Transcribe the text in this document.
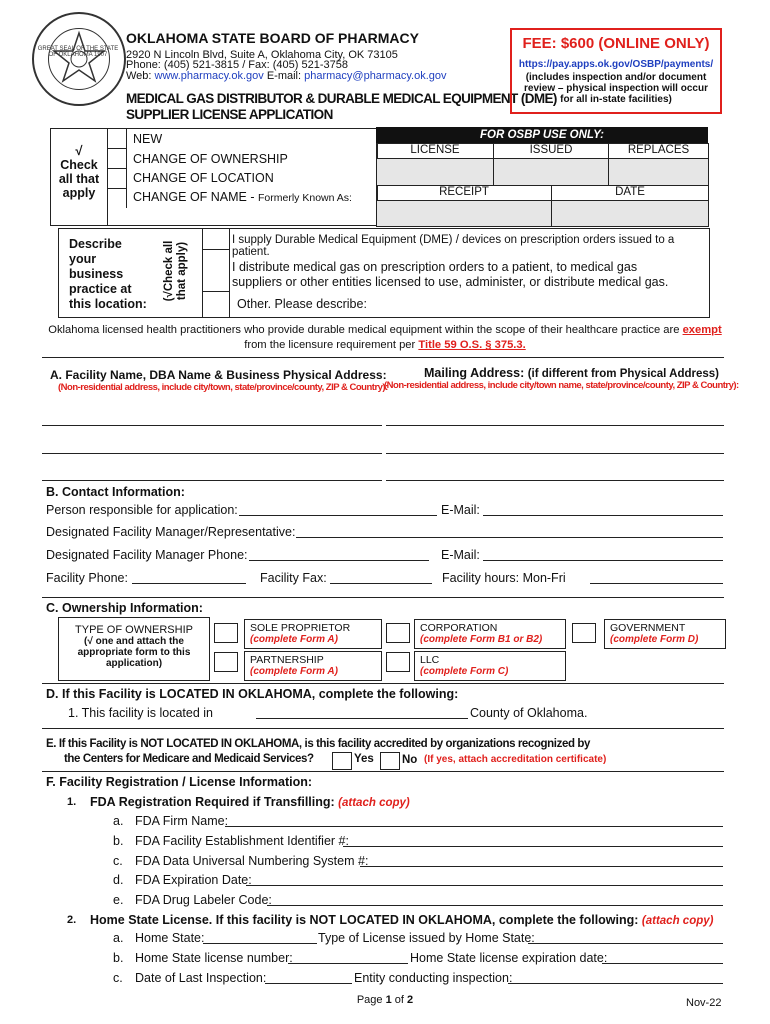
GREAT SEAL OF THE STATE OF OKLAHOMA 1907
OKLAHOMA STATE BOARD OF PHARMACY
2920 N Lincoln Blvd, Suite A, Oklahoma City, OK 73105
Phone: (405) 521-3815 / Fax: (405) 521-3758
Web: www.pharmacy.ok.gov E-mail: pharmacy@pharmacy.ok.gov
MEDICAL GAS DISTRIBUTOR & DURABLE MEDICAL EQUIPMENT (DME)
SUPPLIER LICENSE APPLICATION
FEE: $600 (ONLINE ONLY)
https://pay.apps.ok.gov/OSBP/payments/
(includes inspection and/or document
review – physical inspection will occur
for all in-state facilities)
√
Check
all that
apply
NEW
CHANGE OF OWNERSHIP
CHANGE OF LOCATION
CHANGE OF NAME - Formerly Known As:
FOR OSBP USE ONLY:
LICENSE	ISSUED	REPLACES
RECEIPT	DATE
Describe
your
business
practice at
this location:
(√Check all that apply)
I supply Durable Medical Equipment (DME) / devices on prescription orders issued to a patient.
I distribute medical gas on prescription orders to a patient, to medical gas
suppliers or other entities licensed to use, administer, or distribute medical gas.
Other. Please describe:
Oklahoma licensed health practitioners who provide durable medical equipment within the scope of their healthcare practice are exempt
from the licensure requirement per Title 59 O.S. § 375.3.
A. Facility Name, DBA Name & Business Physical Address:
(Non-residential address, include city/town, state/province/county, ZIP & Country):
Mailing Address: (if different from Physical Address)
(Non-residential address, include city/town name, state/province/county, ZIP & Country):
B. Contact Information:
Person responsible for application:	E-Mail:
Designated Facility Manager/Representative:
Designated Facility Manager Phone:	E-Mail:
Facility Phone:	Facility Fax:	Facility hours: Mon-Fri
C. Ownership Information:
TYPE OF OWNERSHIP
(√ one and attach the
appropriate form to this
application)
SOLE PROPRIETOR
(complete Form A)
CORPORATION
(complete Form B1 or B2)
GOVERNMENT
(complete Form D)
PARTNERSHIP
(complete Form A)
LLC
(complete Form C)
D. If this Facility is LOCATED IN OKLAHOMA, complete the following:
1. This facility is located in	County of Oklahoma.
E. If this Facility is NOT LOCATED IN OKLAHOMA, is this facility accredited by organizations recognized by
the Centers for Medicare and Medicaid Services?	Yes No (If yes, attach accreditation certificate)
F. Facility Registration / License Information:
1. FDA Registration Required if Transfilling: (attach copy)
a. FDA Firm Name:
b. FDA Facility Establishment Identifier #:
c. FDA Data Universal Numbering System #:
d. FDA Expiration Date:
e. FDA Drug Labeler Code:
2. Home State License. If this facility is NOT LOCATED IN OKLAHOMA, complete the following: (attach copy)
a. Home State:	Type of License issued by Home State:
b. Home State license number:	Home State license expiration date:
c. Date of Last Inspection:	Entity conducting inspection:
Page 1 of 2	Nov-22
